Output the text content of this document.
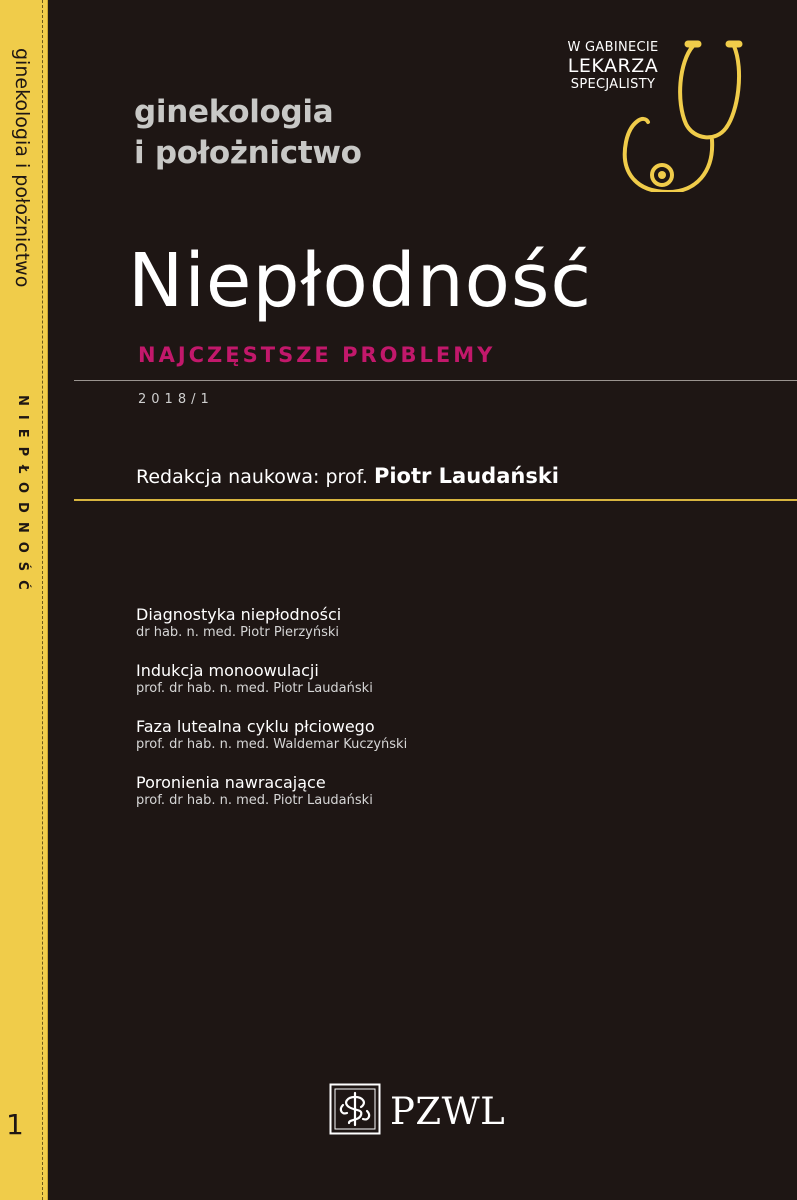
ginekologia i położnictwo
NIEPŁODNOŚĆ
1
ginekologia
i położnictwo
W GABINECIE
LEKARZA
SPECJALISTY
Niepłodność
NAJCZĘSTSZE PROBLEMY
2018/1
Redakcja naukowa: prof. Piotr Laudański
Diagnostyka niepłodności
dr hab. n. med. Piotr Pierzyński
Indukcja monoowulacji
prof. dr hab. n. med. Piotr Laudański
Faza lutealna cyklu płciowego
prof. dr hab. n. med. Waldemar Kuczyński
Poronienia nawracające
prof. dr hab. n. med. Piotr Laudański
PZWL
